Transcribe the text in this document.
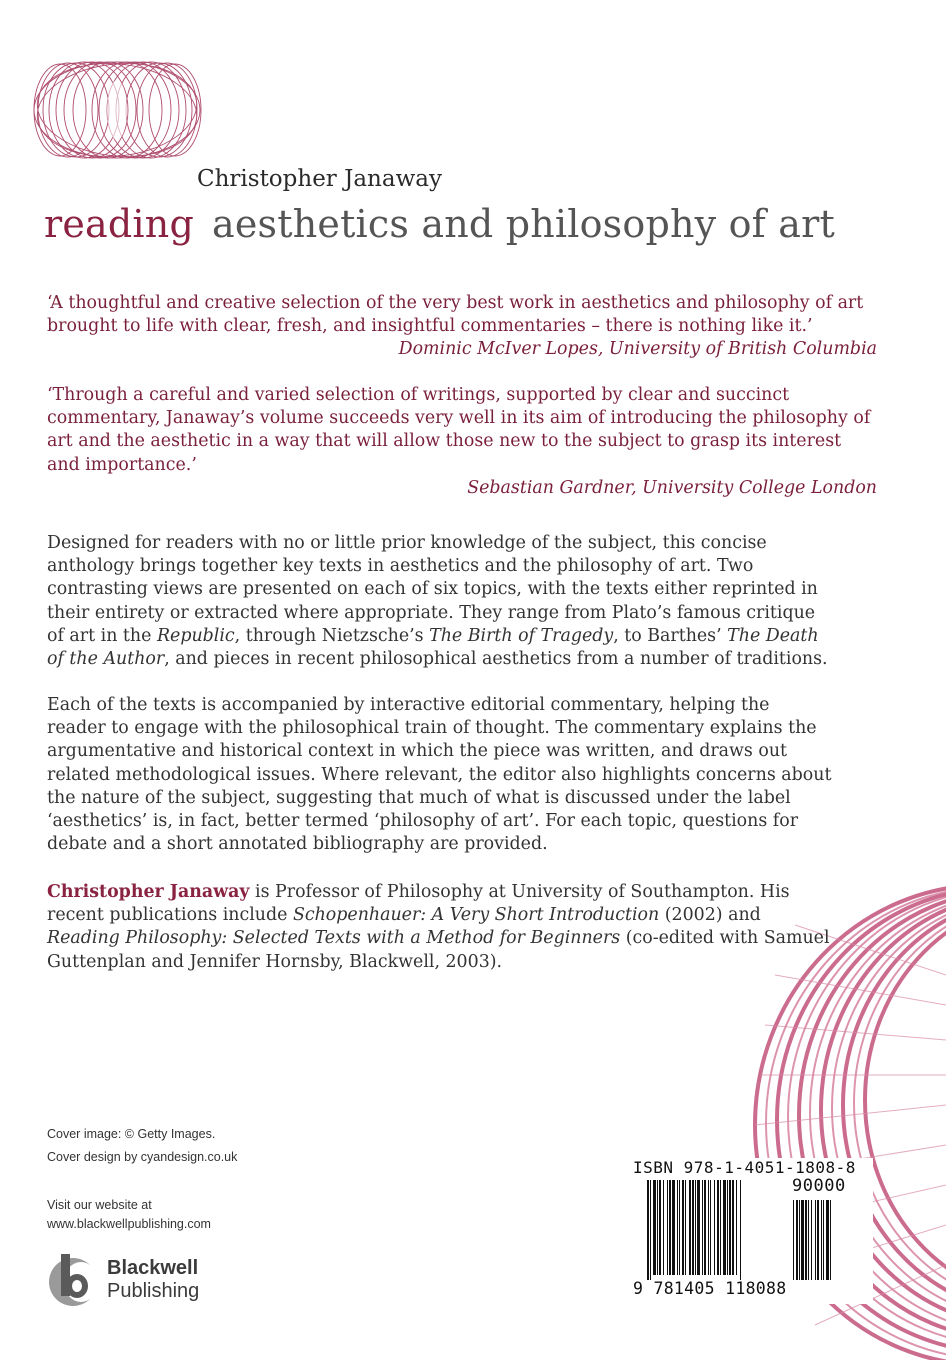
Christopher Janaway
reading aesthetics and philosophy of art
‘A thoughtful and creative selection of the very best work in aesthetics and philosophy of art brought to life with clear, fresh, and insightful commentaries – there is nothing like it.’
Dominic McIver Lopes, University of British Columbia
‘Through a careful and varied selection of writings, supported by clear and succinct commentary, Janaway’s volume succeeds very well in its aim of introducing the philosophy of art and the aesthetic in a way that will allow those new to the subject to grasp its interest and importance.’
Sebastian Gardner, University College London
Designed for readers with no or little prior knowledge of the subject, this concise anthology brings together key texts in aesthetics and the philosophy of art. Two contrasting views are presented on each of six topics, with the texts either reprinted in their entirety or extracted where appropriate. They range from Plato’s famous critique of art in the Republic, through Nietzsche’s The Birth of Tragedy, to Barthes’ The Death of the Author, and pieces in recent philosophical aesthetics from a number of traditions.
Each of the texts is accompanied by interactive editorial commentary, helping the reader to engage with the philosophical train of thought. The commentary explains the argumentative and historical context in which the piece was written, and draws out related methodological issues. Where relevant, the editor also highlights concerns about the nature of the subject, suggesting that much of what is discussed under the label ‘aesthetics’ is, in fact, better termed ‘philosophy of art’. For each topic, questions for debate and a short annotated bibliography are provided.
Christopher Janaway is Professor of Philosophy at University of Southampton. His recent publications include Schopenhauer: A Very Short Introduction (2002) and Reading Philosophy: Selected Texts with a Method for Beginners (co-edited with Samuel Guttenplan and Jennifer Hornsby, Blackwell, 2003).
Cover image: © Getty Images.
Cover design by cyandesign.co.uk
Visit our website at
www.blackwellpublishing.com
Blackwell
Publishing
ISBN 978-1-4051-1808-8
90000
9 781405 118088
